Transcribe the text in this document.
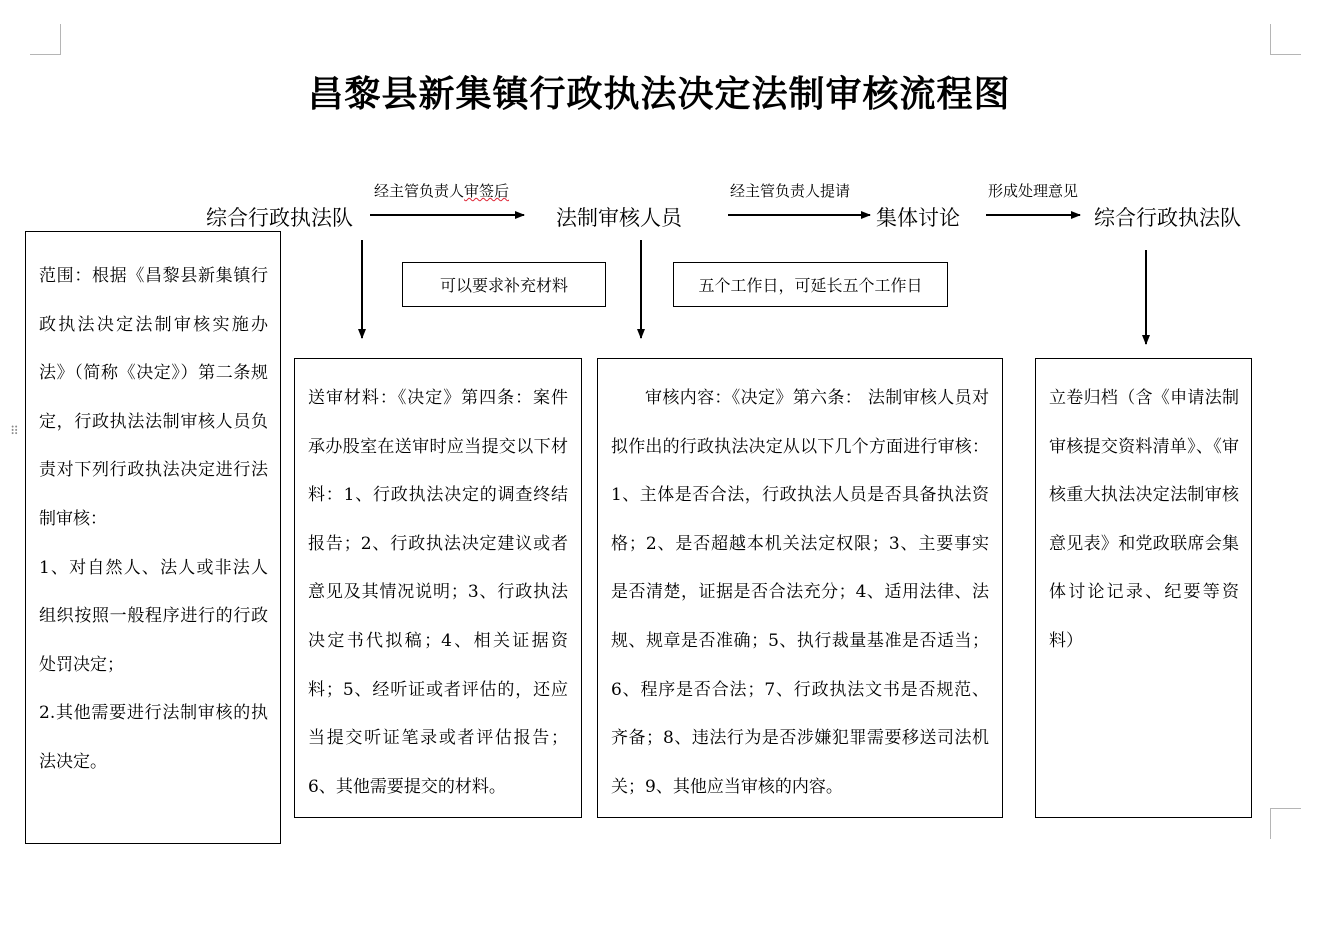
⠿
昌黎县新集镇行政执法决定法制审核流程图
综合行政执法队	法制审核人员	集体讨论	综合行政执法队
经主管负责人审签后	经主管负责人提请	形成处理意见
可以要求补充材料	五个工作日，可延长五个工作日
范围：根据《昌黎县新集镇行政执法决定法制审核实施办法》（简称《决定》）第二条规定，行政执法法制审核人员负责对下列行政执法决定进行法制审核：
1、对自然人、法人或非法人组织按照一般程序进行的行政处罚决定；
2.其他需要进行法制审核的执法决定。
送审材料：《决定》第四条：案件承办股室在送审时应当提交以下材料：1、行政执法决定的调查终结报告；2、行政执法决定建议或者意见及其情况说明；3、行政执法决定书代拟稿；4、相关证据资料；5、经听证或者评估的，还应当提交听证笔录或者评估报告；6、其他需要提交的材料。
审核内容：《决定》第六条： 法制审核人员对拟作出的行政执法决定从以下几个方面进行审核：1、主体是否合法，行政执法人员是否具备执法资格；2、是否超越本机关法定权限；3、主要事实是否清楚，证据是否合法充分；4、适用法律、法规、规章是否准确；5、执行裁量基准是否适当；6、程序是否合法；7、行政执法文书是否规范、齐备；8、违法行为是否涉嫌犯罪需要移送司法机关；9、其他应当审核的内容。
立卷归档（含《申请法制审核提交资料清单》、《审核重大执法决定法制审核意见表》和党政联席会集体讨论记录、纪要等资料）
